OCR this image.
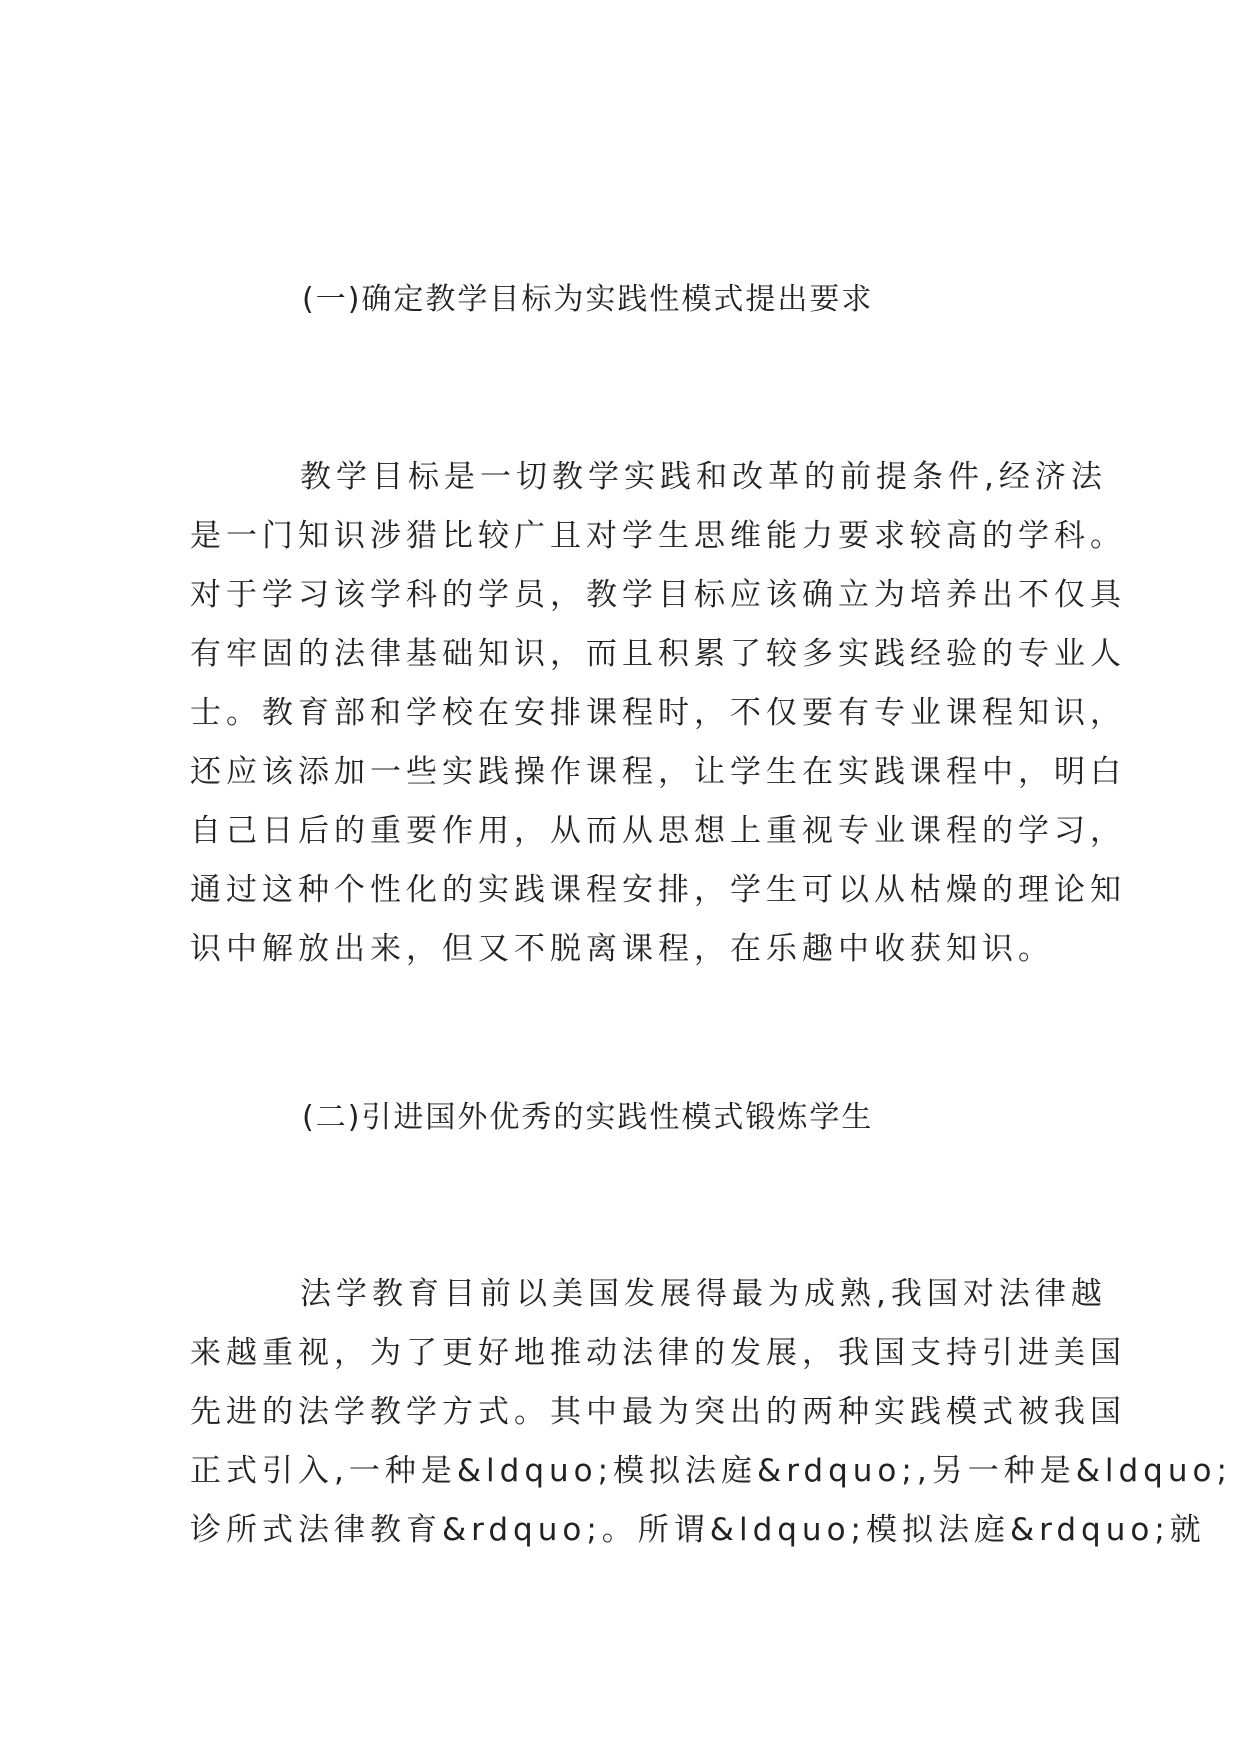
(一)确定教学目标为实践性模式提出要求
教学目标是一切教学实践和改革的前提条件,经济法
是一门知识涉猎比较广且对学生思维能力要求较高的学科。
对于学习该学科的学员，教学目标应该确立为培养出不仅具
有牢固的法律基础知识，而且积累了较多实践经验的专业人
士。教育部和学校在安排课程时，不仅要有专业课程知识，
还应该添加一些实践操作课程，让学生在实践课程中，明白
自己日后的重要作用，从而从思想上重视专业课程的学习，
通过这种个性化的实践课程安排，学生可以从枯燥的理论知
识中解放出来，但又不脱离课程，在乐趣中收获知识。
(二)引进国外优秀的实践性模式锻炼学生
法学教育目前以美国发展得最为成熟,我国对法律越
来越重视，为了更好地推动法律的发展，我国支持引进美国
先进的法学教学方式。其中最为突出的两种实践模式被我国
正式引入,一种是&ldquo;模拟法庭&rdquo;,另一种是&ldquo;
诊所式法律教育&rdquo;。所谓&ldquo;模拟法庭&rdquo;就
